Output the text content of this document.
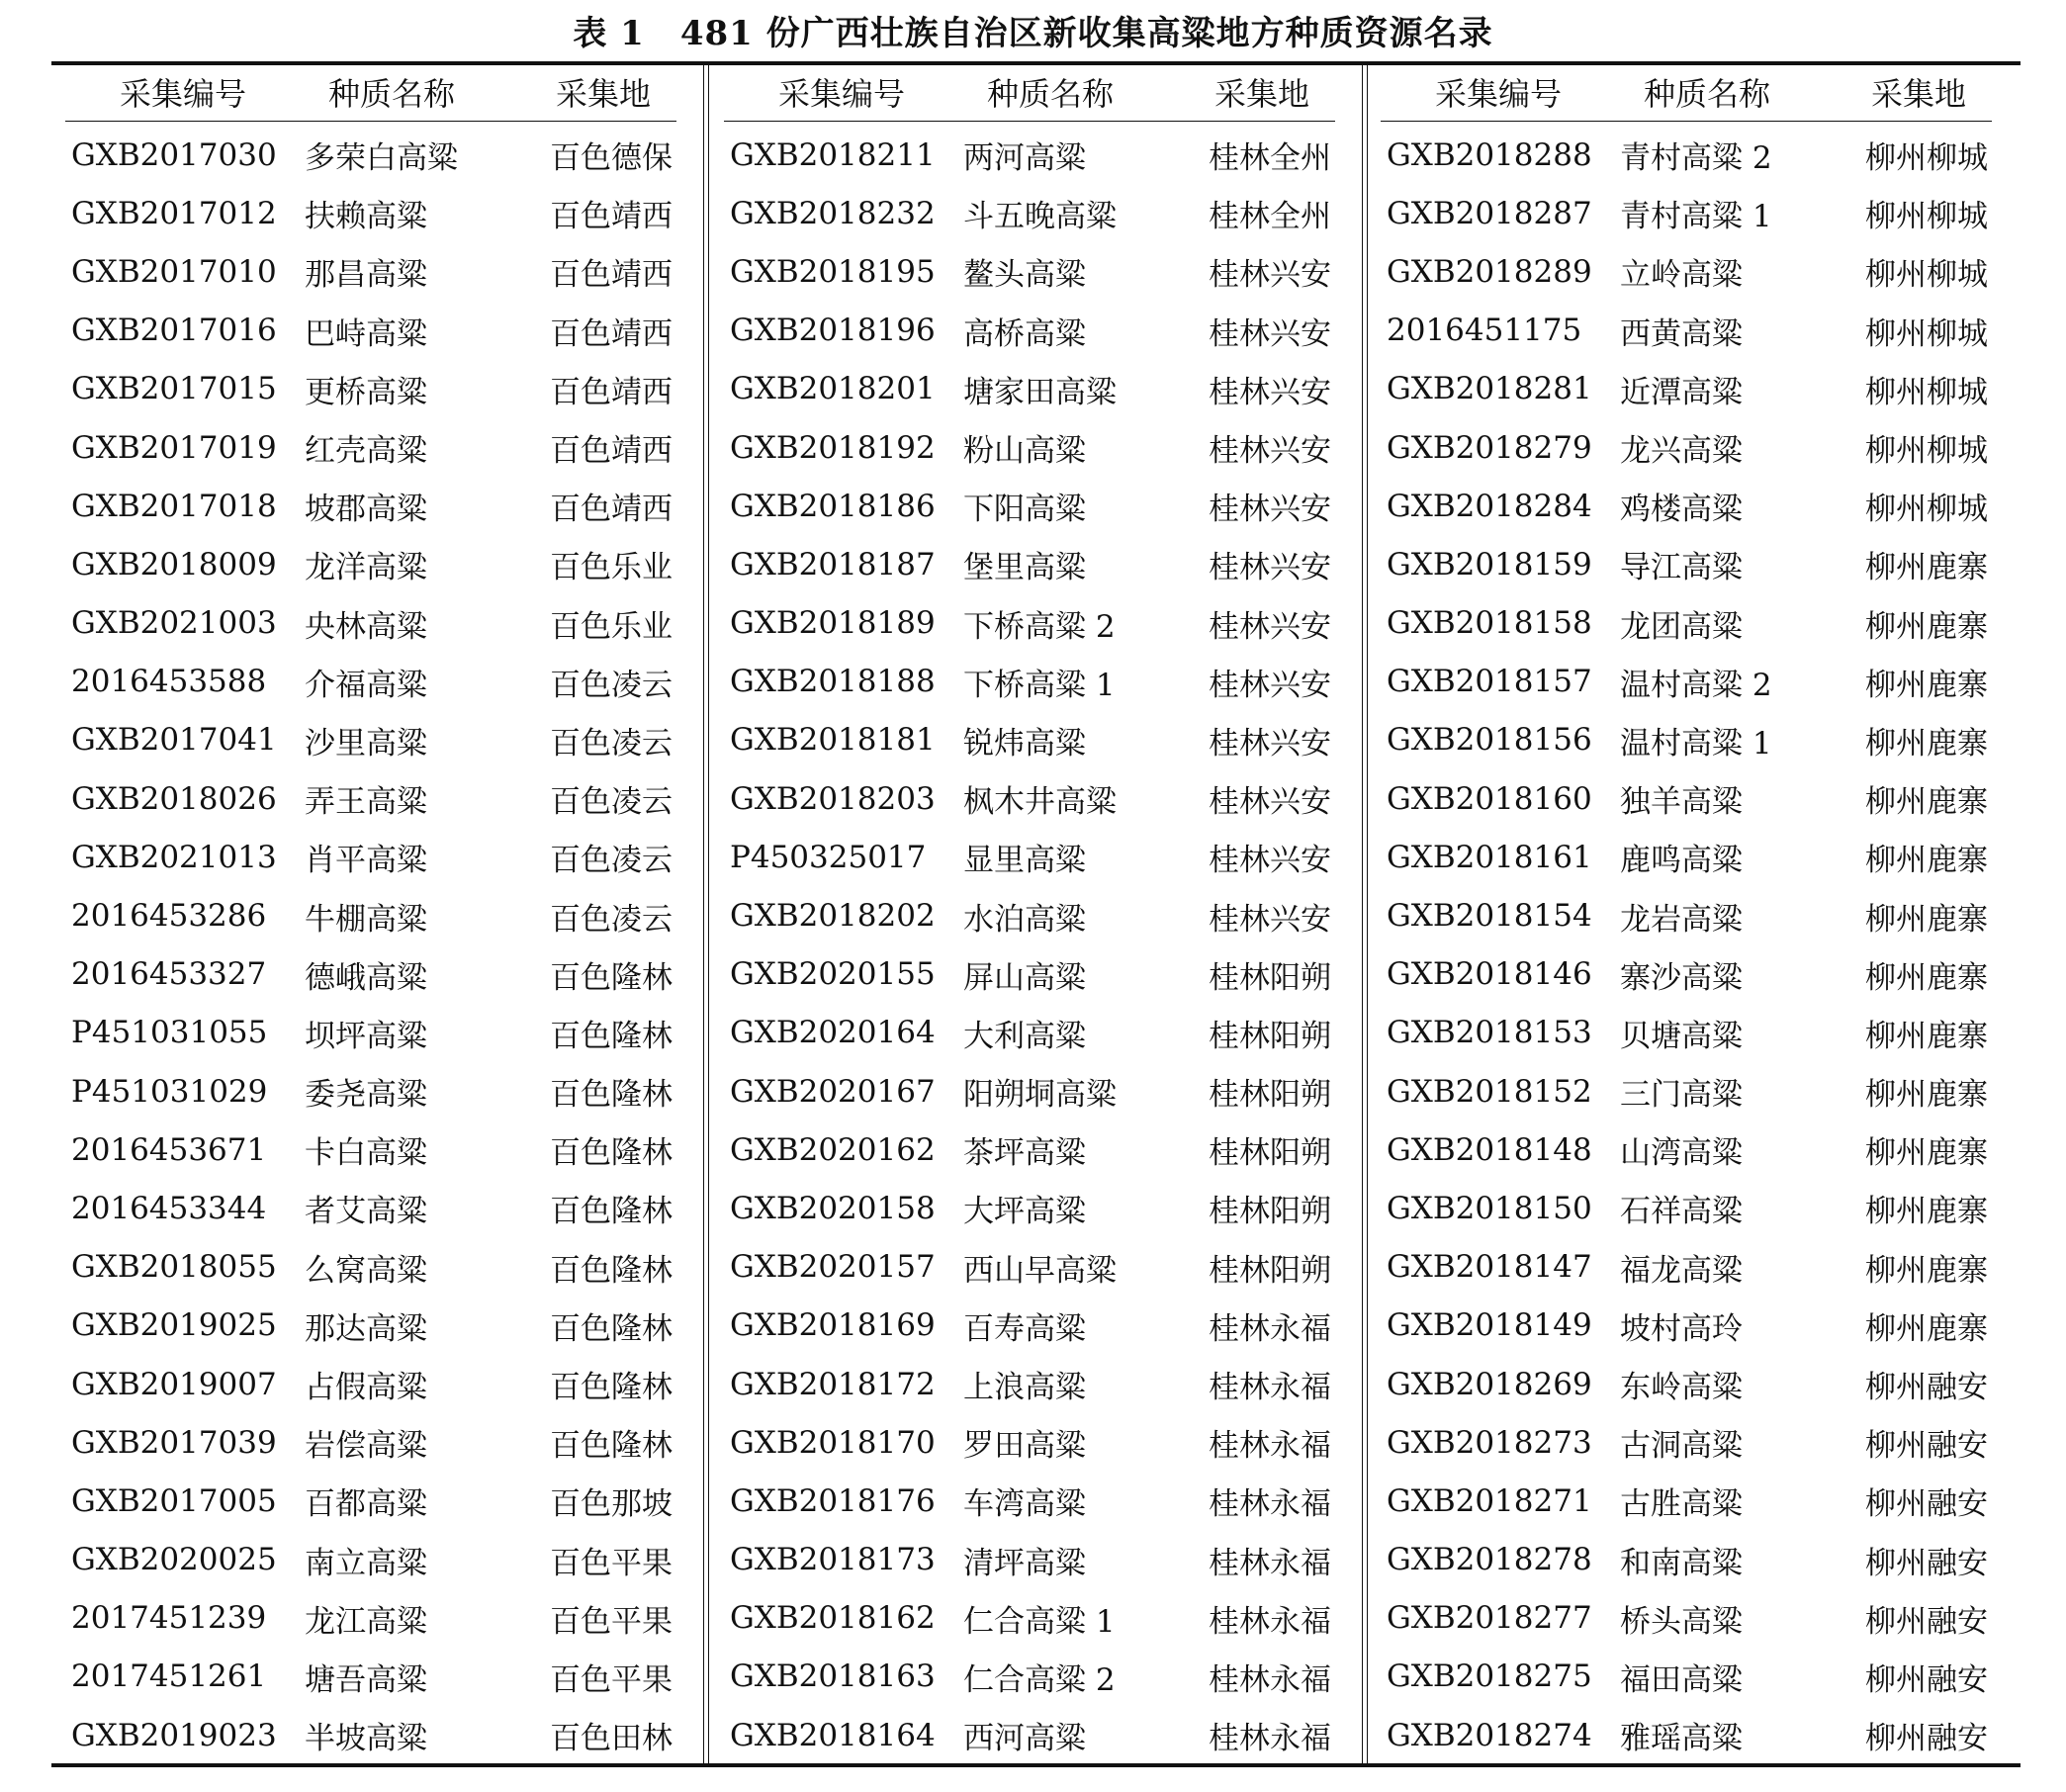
表 1 481 份广西壮族自治区新收集高粱地方种质资源名录
采集编号	种质名称	采集地
GXB2017030	多荣白高粱	百色德保
GXB2017012	扶赖高粱	百色靖西
GXB2017010	那昌高粱	百色靖西
GXB2017016	巴峙高粱	百色靖西
GXB2017015	更桥高粱	百色靖西
GXB2017019	红壳高粱	百色靖西
GXB2017018	坡郡高粱	百色靖西
GXB2018009	龙洋高粱	百色乐业
GXB2021003	央林高粱	百色乐业
2016453588	介福高粱	百色凌云
GXB2017041	沙里高粱	百色凌云
GXB2018026	弄王高粱	百色凌云
GXB2021013	肖平高粱	百色凌云
2016453286	牛棚高粱	百色凌云
2016453327	德峨高粱	百色隆林
P451031055	坝坪高粱	百色隆林
P451031029	委尧高粱	百色隆林
2016453671	卡白高粱	百色隆林
2016453344	者艾高粱	百色隆林
GXB2018055	么窝高粱	百色隆林
GXB2019025	那达高粱	百色隆林
GXB2019007	占假高粱	百色隆林
GXB2017039	岩偿高粱	百色隆林
GXB2017005	百都高粱	百色那坡
GXB2020025	南立高粱	百色平果
2017451239	龙江高粱	百色平果
2017451261	塘吾高粱	百色平果
GXB2019023	半坡高粱	百色田林
采集编号	种质名称	采集地
GXB2018211	两河高粱	桂林全州
GXB2018232	斗五晚高粱	桂林全州
GXB2018195	鳌头高粱	桂林兴安
GXB2018196	高桥高粱	桂林兴安
GXB2018201	塘家田高粱	桂林兴安
GXB2018192	粉山高粱	桂林兴安
GXB2018186	下阳高粱	桂林兴安
GXB2018187	堡里高粱	桂林兴安
GXB2018189	下桥高粱 2	桂林兴安
GXB2018188	下桥高粱 1	桂林兴安
GXB2018181	锐炜高粱	桂林兴安
GXB2018203	枫木井高粱	桂林兴安
P450325017	显里高粱	桂林兴安
GXB2018202	水泊高粱	桂林兴安
GXB2020155	屏山高粱	桂林阳朔
GXB2020164	大利高粱	桂林阳朔
GXB2020167	阳朔垌高粱	桂林阳朔
GXB2020162	茶坪高粱	桂林阳朔
GXB2020158	大坪高粱	桂林阳朔
GXB2020157	西山早高粱	桂林阳朔
GXB2018169	百寿高粱	桂林永福
GXB2018172	上浪高粱	桂林永福
GXB2018170	罗田高粱	桂林永福
GXB2018176	车湾高粱	桂林永福
GXB2018173	清坪高粱	桂林永福
GXB2018162	仁合高粱 1	桂林永福
GXB2018163	仁合高粱 2	桂林永福
GXB2018164	西河高粱	桂林永福
采集编号	种质名称	采集地
GXB2018288	青村高粱 2	柳州柳城
GXB2018287	青村高粱 1	柳州柳城
GXB2018289	立岭高粱	柳州柳城
2016451175	西黄高粱	柳州柳城
GXB2018281	近潭高粱	柳州柳城
GXB2018279	龙兴高粱	柳州柳城
GXB2018284	鸡楼高粱	柳州柳城
GXB2018159	导江高粱	柳州鹿寨
GXB2018158	龙团高粱	柳州鹿寨
GXB2018157	温村高粱 2	柳州鹿寨
GXB2018156	温村高粱 1	柳州鹿寨
GXB2018160	独羊高粱	柳州鹿寨
GXB2018161	鹿鸣高粱	柳州鹿寨
GXB2018154	龙岩高粱	柳州鹿寨
GXB2018146	寨沙高粱	柳州鹿寨
GXB2018153	贝塘高粱	柳州鹿寨
GXB2018152	三门高粱	柳州鹿寨
GXB2018148	山湾高粱	柳州鹿寨
GXB2018150	石祥高粱	柳州鹿寨
GXB2018147	福龙高粱	柳州鹿寨
GXB2018149	坡村高玲	柳州鹿寨
GXB2018269	东岭高粱	柳州融安
GXB2018273	古洞高粱	柳州融安
GXB2018271	古胜高粱	柳州融安
GXB2018278	和南高粱	柳州融安
GXB2018277	桥头高粱	柳州融安
GXB2018275	福田高粱	柳州融安
GXB2018274	雅瑶高粱	柳州融安
